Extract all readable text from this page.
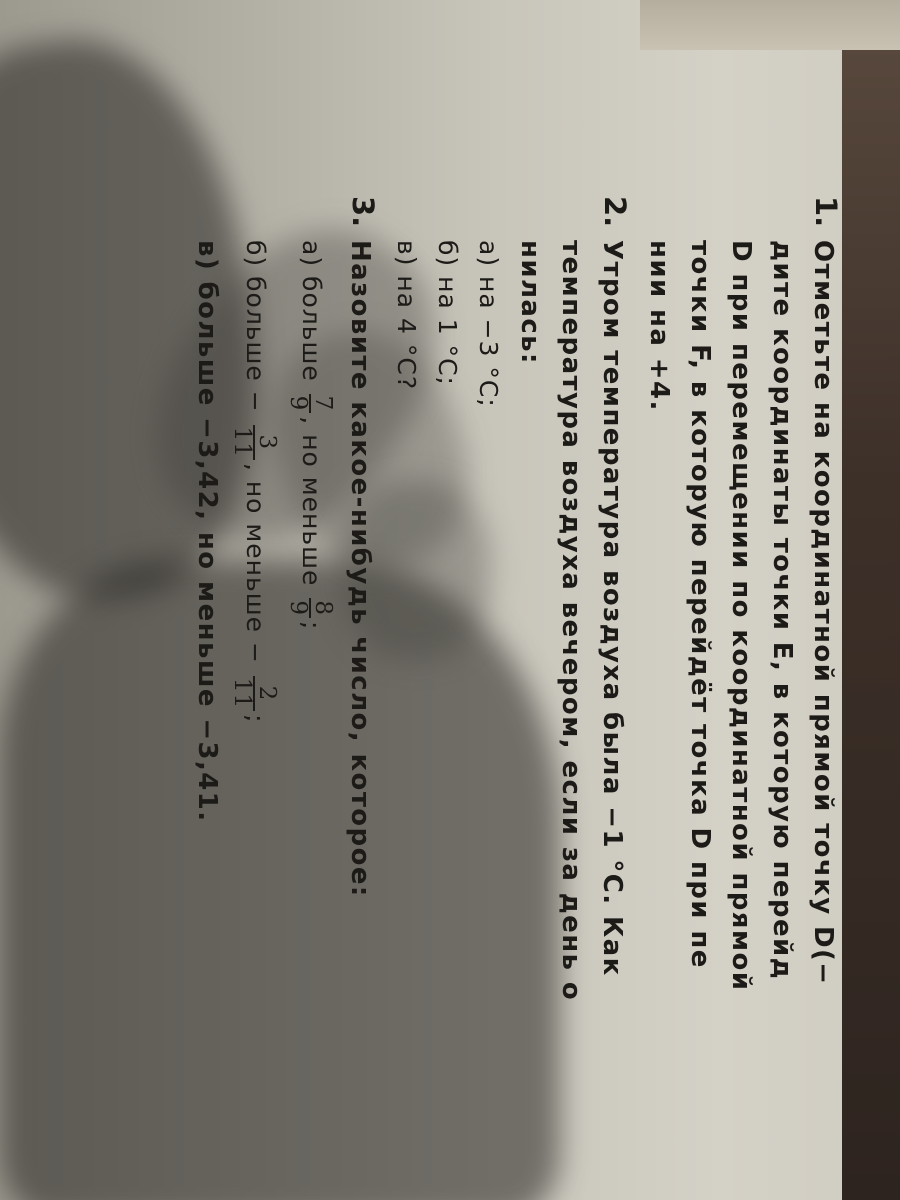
1.
Отметьте на координатной прямой точку D(−
дите координаты точки E, в которую перейд
D при перемещении по координатной прямой
точки F, в которую перейдёт точка D при пе
нии на +4.
2.
Утром температура воздуха была −1 °C. Как
температура воздуха вечером, если за день о
нилась:
а) на −3 °C;
б) на 1 °C;
в) на 4 °C?
3.
Назовите какое-нибудь число, которое:
а) больше
7
9
, но меньше
8
9
;
б) больше −
3
11
, но меньше −
2
11
;
в) больше −3,42, но меньше −3,41.
